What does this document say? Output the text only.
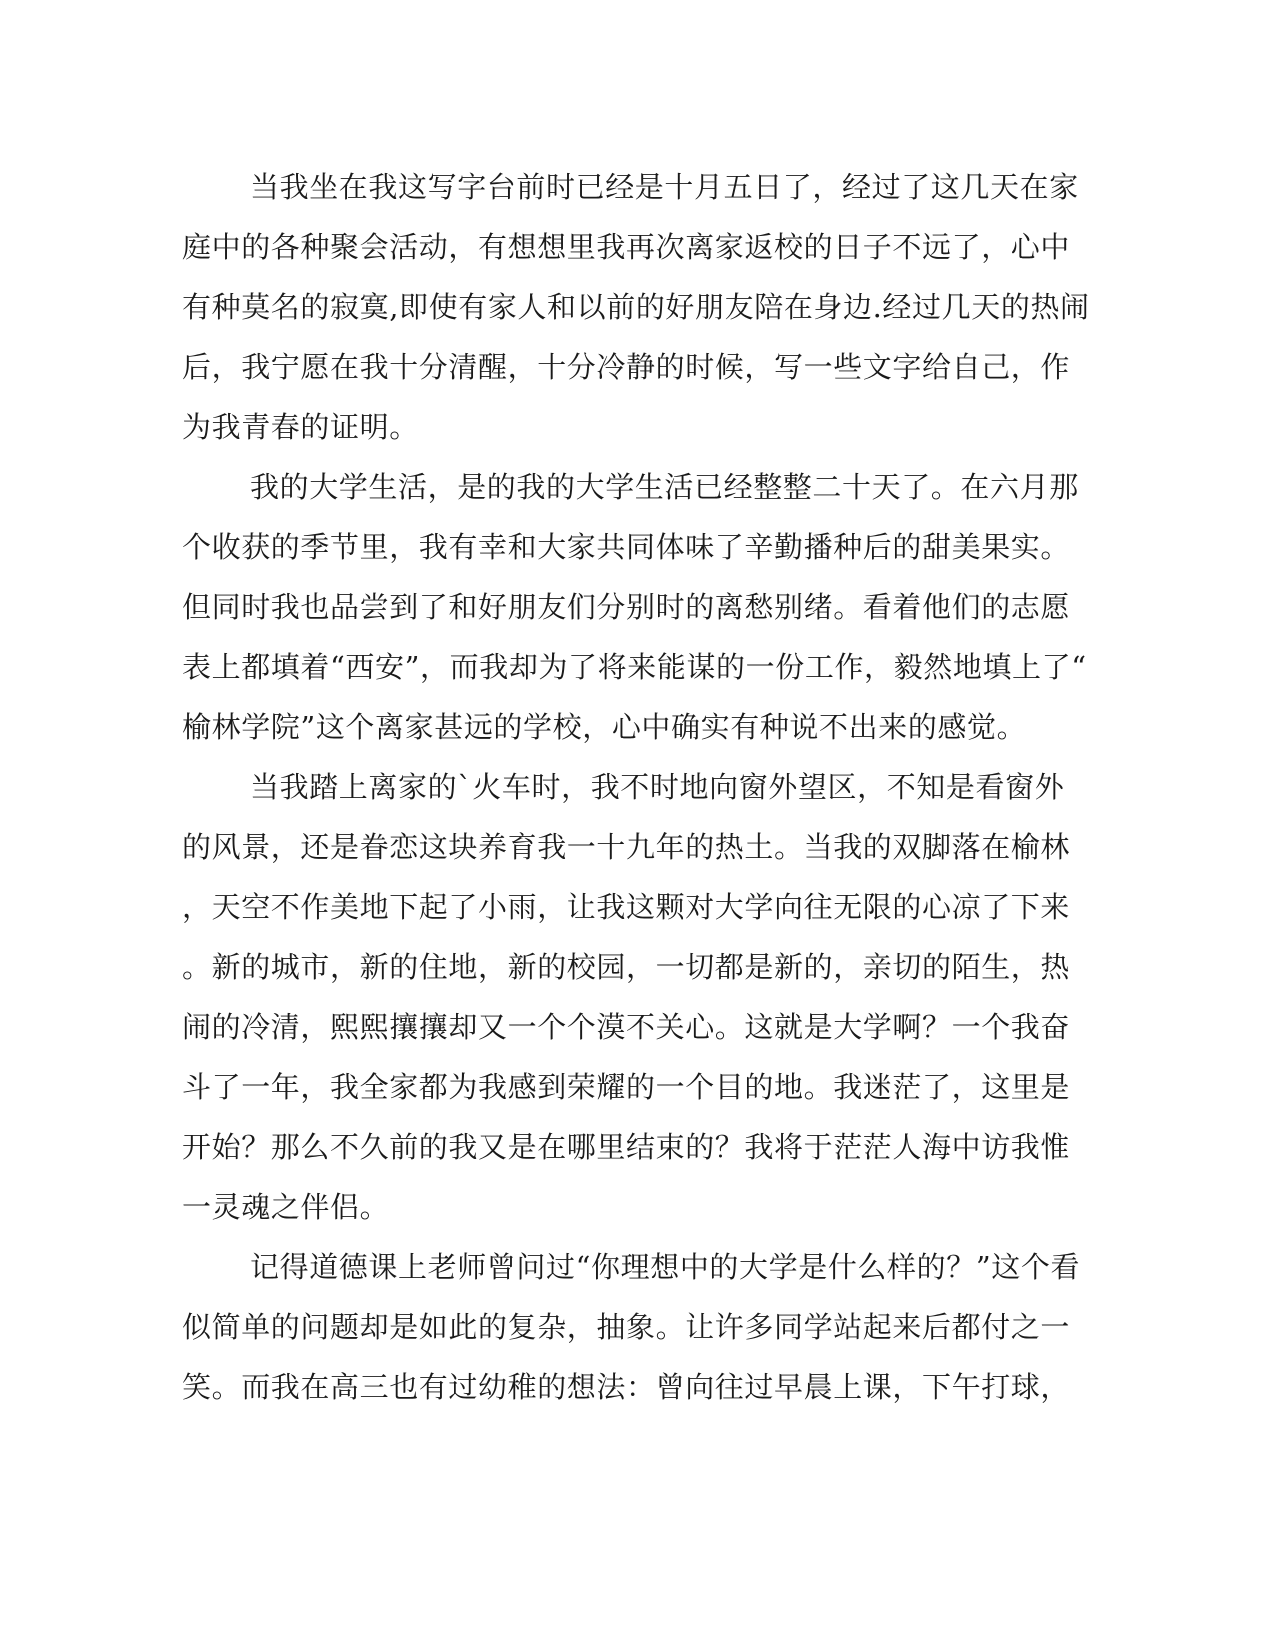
当我坐在我这写字台前时已经是十月五日了，经过了这几天在家
庭中的各种聚会活动，有想想里我再次离家返校的日子不远了，心中
有种莫名的寂寞,即使有家人和以前的好朋友陪在身边.经过几天的热闹
后，我宁愿在我十分清醒，十分冷静的时候，写一些文字给自己，作
为我青春的证明。
我的大学生活，是的我的大学生活已经整整二十天了。在六月那
个收获的季节里，我有幸和大家共同体味了辛勤播种后的甜美果实。
但同时我也品尝到了和好朋友们分别时的离愁别绪。看着他们的志愿
表上都填着“西安”，而我却为了将来能谋的一份工作，毅然地填上了“
榆林学院”这个离家甚远的学校，心中确实有种说不出来的感觉。
当我踏上离家的`火车时，我不时地向窗外望区，不知是看窗外
的风景，还是眷恋这块养育我一十九年的热土。当我的双脚落在榆林
，天空不作美地下起了小雨，让我这颗对大学向往无限的心凉了下来
。新的城市，新的住地，新的校园，一切都是新的，亲切的陌生，热
闹的冷清，熙熙攘攘却又一个个漠不关心。这就是大学啊？一个我奋
斗了一年，我全家都为我感到荣耀的一个目的地。我迷茫了，这里是
开始？那么不久前的我又是在哪里结束的？我将于茫茫人海中访我惟
一灵魂之伴侣。
记得道德课上老师曾问过“你理想中的大学是什么样的？”这个看
似简单的问题却是如此的复杂，抽象。让许多同学站起来后都付之一
笑。而我在高三也有过幼稚的想法：曾向往过早晨上课，下午打球，
